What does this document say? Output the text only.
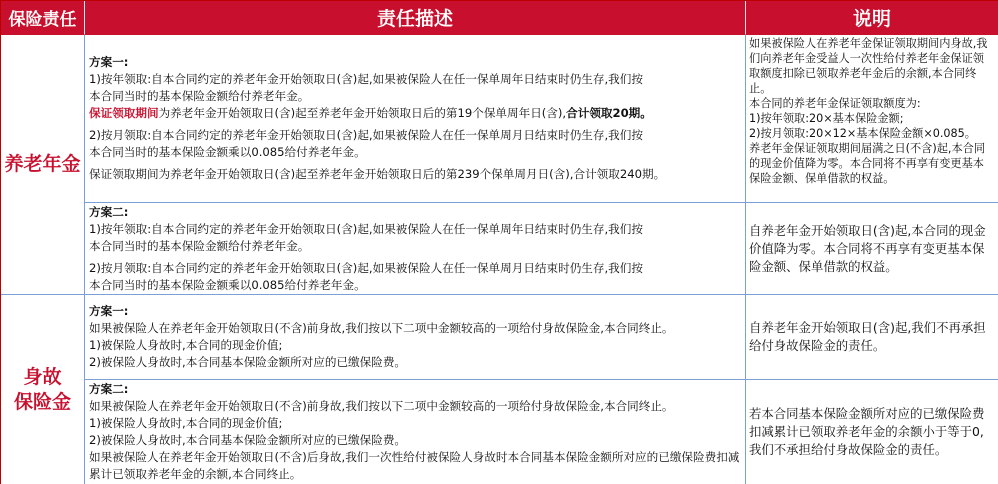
保险责任	责任描述	说明
养老年金
方案一:
1)按年领取:自本合同约定的养老年金开始领取日(含)起,如果被保险人在任一保单周年日结束时仍生存,我们按
本合同当时的基本保险金额给付养老年金。
保证领取期间为养老年金开始领取日(含)起至养老年金开始领取日后的第19个保单周年日(含),合计领取20期。
2)按月领取:自本合同约定的养老年金开始领取日(含)起,如果被保险人在任一保单周月日结束时仍生存,我们按
本合同当时的基本保险金额乘以0.085给付养老年金。
保证领取期间为养老年金开始领取日(含)起至养老年金开始领取日后的第239个保单周月日(含),合计领取240期。
如果被保险人在养老年金保证领取期间内身故,我们向养老年金受益人一次性给付养老年金保证领取额度扣除已领取养老年金后的余额,本合同终止。
本合同的养老年金保证领取额度为:
1)按年领取:20×基本保险金额;
2)按月领取:20×12×基本保险金额×0.085。
养老年金保证领取期间届满之日(不含)起,本合同的现金价值降为零。本合同将不再享有变更基本保险金额、保单借款的权益。
方案二:
1)按年领取:自本合同约定的养老年金开始领取日(含)起,如果被保险人在任一保单周年日结束时仍生存,我们按
本合同当时的基本保险金额给付养老年金。
2)按月领取:自本合同约定的养老年金开始领取日(含)起,如果被保险人在任一保单周月日结束时仍生存,我们按
本合同当时的基本保险金额乘以0.085给付养老年金。
自养老年金开始领取日(含)起,本合同的现金价值降为零。本合同将不再享有变更基本保险金额、保单借款的权益。
身故
保险金
方案一:
如果被保险人在养老年金开始领取日(不含)前身故,我们按以下二项中金额较高的一项给付身故保险金,本合同终止。
1)被保险人身故时,本合同的现金价值;
2)被保险人身故时,本合同基本保险金额所对应的已缴保险费。
自养老年金开始领取日(含)起,我们不再承担给付身故保险金的责任。
方案二:
如果被保险人在养老年金开始领取日(不含)前身故,我们按以下二项中金额较高的一项给付身故保险金,本合同终止。
1)被保险人身故时,本合同的现金价值;
2)被保险人身故时,本合同基本保险金额所对应的已缴保险费。
如果被保险人在养老年金开始领取日(不含)后身故,我们一次性给付被保险人身故时本合同基本保险金额所对应的已缴保险费扣减累计已领取养老年金的余额,本合同终止。
若本合同基本保险金额所对应的已缴保险费扣减累计已领取养老年金的余额小于等于0,我们不承担给付身故保险金的责任。
